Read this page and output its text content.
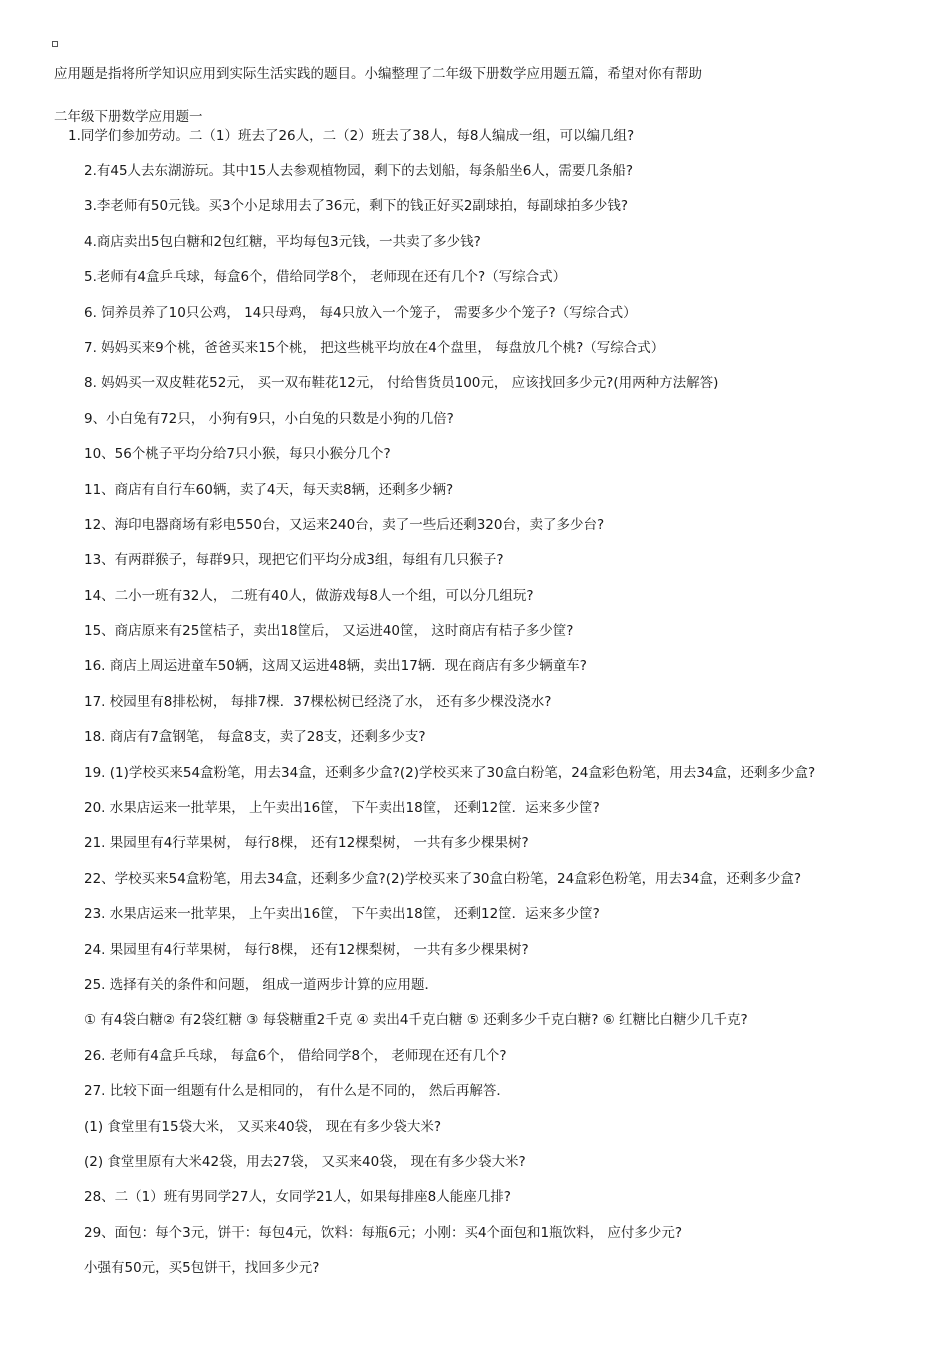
应用题是指将所学知识应用到实际生活实践的题目。小编整理了二年级下册数学应用题五篇，希望对你有帮助
二年级下册数学应用题一
1.同学们参加劳动。二（1）班去了26人，二（2）班去了38人，每8人编成一组，可以编几组?
2.有45人去东湖游玩。其中15人去参观植物园，剩下的去划船，每条船坐6人，需要几条船?
3.李老师有50元钱。买3个小足球用去了36元，剩下的钱正好买2副球拍，每副球拍多少钱?
4.商店卖出5包白糖和2包红糖，平均每包3元钱，一共卖了多少钱?
5.老师有4盒乒乓球，每盒6个，借给同学8个， 老师现在还有几个?（写综合式）
6. 饲养员养了10只公鸡， 14只母鸡， 每4只放入一个笼子， 需要多少个笼子?（写综合式）
7. 妈妈买来9个桃，爸爸买来15个桃， 把这些桃平均放在4个盘里， 每盘放几个桃?（写综合式）
8. 妈妈买一双皮鞋花52元， 买一双布鞋花12元， 付给售货员100元， 应该找回多少元?(用两种方法解答)
9、小白兔有72只， 小狗有9只，小白兔的只数是小狗的几倍?
10、56个桃子平均分给7只小猴，每只小猴分几个?
11、商店有自行车60辆，卖了4天，每天卖8辆，还剩多少辆?
12、海印电器商场有彩电550台，又运来240台，卖了一些后还剩320台，卖了多少台?
13、有两群猴子，每群9只，现把它们平均分成3组，每组有几只猴子?
14、二小一班有32人， 二班有40人，做游戏每8人一个组，可以分几组玩?
15、商店原来有25筐桔子，卖出18筐后， 又运进40筐， 这时商店有桔子多少筐?
16. 商店上周运进童车50辆，这周又运进48辆，卖出17辆．现在商店有多少辆童车?
17. 校园里有8排松树， 每排7棵．37棵松树已经浇了水， 还有多少棵没浇水?
18. 商店有7盒钢笔， 每盒8支，卖了28支，还剩多少支?
19. (1)学校买来54盒粉笔，用去34盒，还剩多少盒?(2)学校买来了30盒白粉笔，24盒彩色粉笔，用去34盒，还剩多少盒?
20. 水果店运来一批苹果， 上午卖出16筐， 下午卖出18筐， 还剩12筐．运来多少筐?
21. 果园里有4行苹果树， 每行8棵， 还有12棵梨树， 一共有多少棵果树?
22、学校买来54盒粉笔，用去34盒，还剩多少盒?(2)学校买来了30盒白粉笔，24盒彩色粉笔，用去34盒，还剩多少盒?
23. 水果店运来一批苹果， 上午卖出16筐， 下午卖出18筐， 还剩12筐．运来多少筐?
24. 果园里有4行苹果树， 每行8棵， 还有12棵梨树， 一共有多少棵果树?
25. 选择有关的条件和问题， 组成一道两步计算的应用题．
① 有4袋白糖② 有2袋红糖 ③ 每袋糖重2千克 ④ 卖出4千克白糖 ⑤ 还剩多少千克白糖? ⑥ 红糖比白糖少几千克?
26. 老师有4盒乒乓球， 每盒6个， 借给同学8个， 老师现在还有几个?
27. 比较下面一组题有什么是相同的， 有什么是不同的， 然后再解答．
(1) 食堂里有15袋大米， 又买来40袋， 现在有多少袋大米?
(2) 食堂里原有大米42袋，用去27袋， 又买来40袋， 现在有多少袋大米?
28、二（1）班有男同学27人，女同学21人，如果每排座8人能座几排?
29、面包：每个3元，饼干：每包4元，饮料：每瓶6元；小刚：买4个面包和1瓶饮料， 应付多少元?
小强有50元，买5包饼干，找回多少元?
